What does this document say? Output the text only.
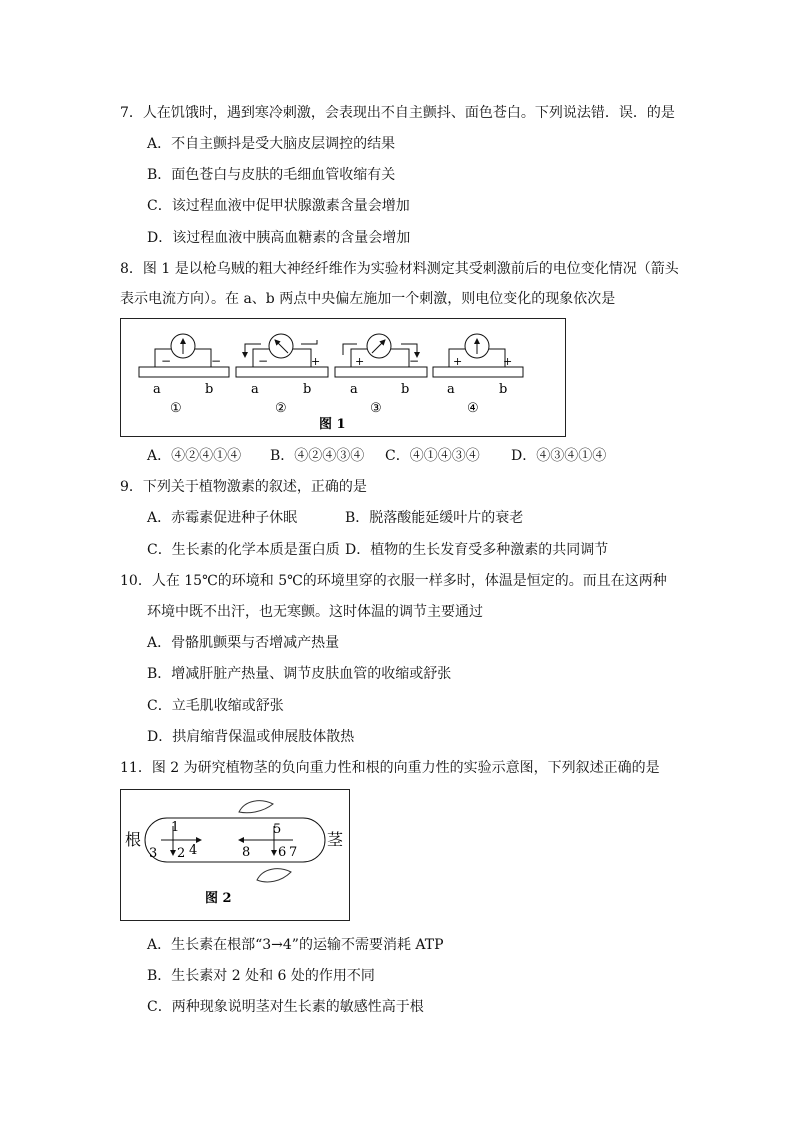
7．人在饥饿时，遇到寒冷刺激，会表现出不自主颤抖、面色苍白。下列说法错．误．的是
A．不自主颤抖是受大脑皮层调控的结果
B．面色苍白与皮肤的毛细血管收缩有关
C．该过程血液中促甲状腺激素含量会增加
D．该过程血液中胰高血糖素的含量会增加
8．图 1 是以枪乌贼的粗大神经纤维作为实验材料测定其受刺激前后的电位变化情况（箭头
表示电流方向）。在 a、b 两点中央偏左施加一个刺激，则电位变化的现象依次是
−	−
a	b
①
−	+
a	b
②
+	−
a	b
③
+	+
a	b
④
图 1
A．④②④①④ B．④②④③④ C．④①④③④ D．④③④①④
9．下列关于植物激素的叙述，正确的是
A．赤霉素促进种子休眠	B．脱落酸能延缓叶片的衰老
C．生长素的化学本质是蛋白质 D．植物的生长发育受多种激素的共同调节
10．人在 15℃的环境和 5℃的环境里穿的衣服一样多时，体温是恒定的。而且在这两种
环境中既不出汗，也无寒颤。这时体温的调节主要通过
A．骨骼肌颤栗与否增减产热量
B．增减肝脏产热量、调节皮肤血管的收缩或舒张
C．立毛肌收缩或舒张
D．拱肩缩背保温或伸展肢体散热
11．图 2 为研究植物茎的负向重力性和根的向重力性的实验示意图，下列叙述正确的是
根	茎
1
2
3 4
5
6 7
8
图 2
A．生长素在根部“3→4”的运输不需要消耗 ATP
B．生长素对 2 处和 6 处的作用不同
C．两种现象说明茎对生长素的敏感性高于根
